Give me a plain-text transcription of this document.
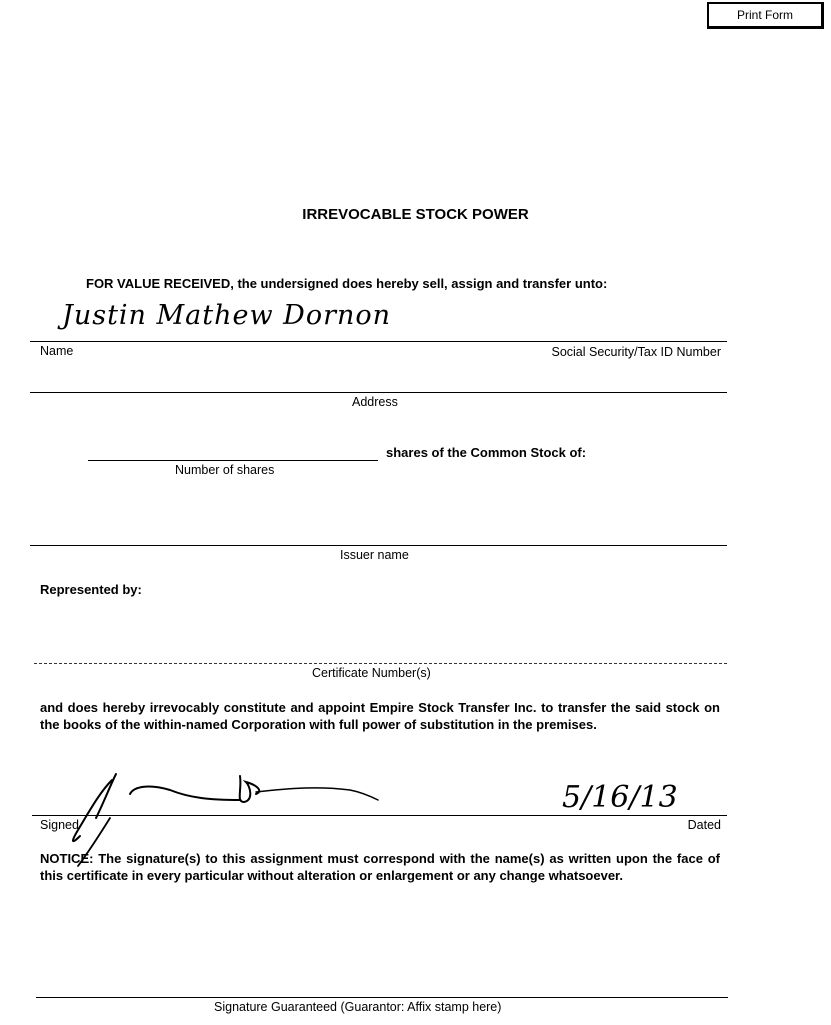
Print Form
IRREVOCABLE STOCK POWER
FOR VALUE RECEIVED, the undersigned does hereby sell, assign and transfer unto:
Justin Mathew Dornon
Name	Social Security/Tax ID Number
Address
shares of the Common Stock of:
Number of shares
Issuer name
Represented by:
Certificate Number(s)
and does hereby irrevocably constitute and appoint Empire Stock Transfer Inc. to transfer the said stock on the books of the within-named Corporation with full power of substitution in the premises.
Signed
5/16/13
Dated
NOTICE: The signature(s) to this assignment must correspond with the name(s) as written upon the face of this certificate in every particular without alteration or enlargement or any change whatsoever.
Signature Guaranteed (Guarantor: Affix stamp here)
